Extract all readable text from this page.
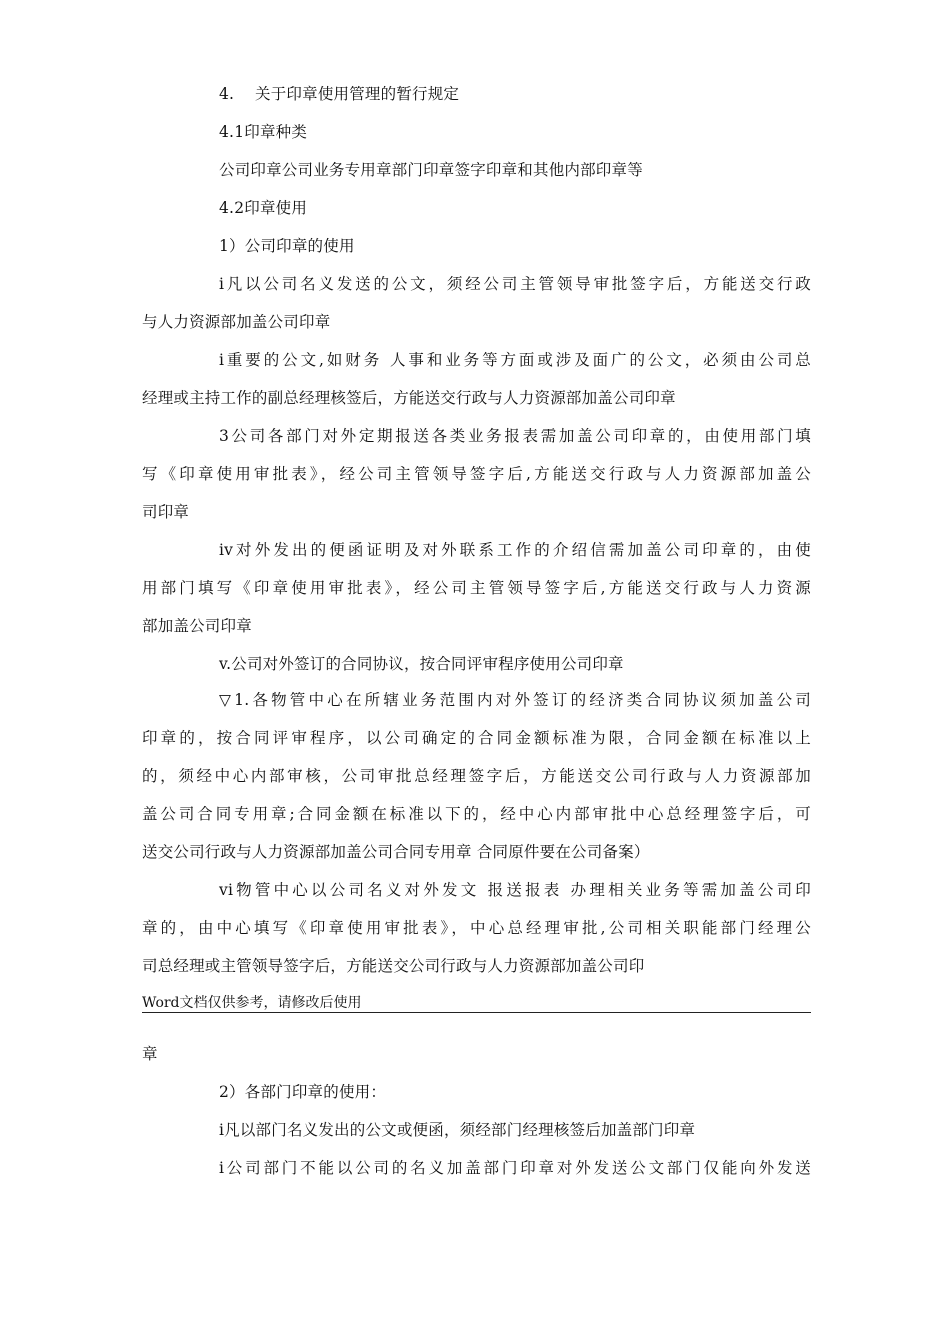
4.　 关于印章使用管理的暂行规定
4.1印章种类
公司印章公司业务专用章部门印章签字印章和其他内部印章等
4.2印章使用
1）公司印章的使用
i凡以公司名义发送的公文，须经公司主管领导审批签字后，方能送交行政
与人力资源部加盖公司印章
i重要的公文,如财务 人事和业务等方面或涉及面广的公文，必须由公司总
经理或主持工作的副总经理核签后，方能送交行政与人力资源部加盖公司印章
3公司各部门对外定期报送各类业务报表需加盖公司印章的，由使用部门填
写《印章使用审批表》，经公司主管领导签字后,方能送交行政与人力资源部加盖公
司印章
iv对外发出的便函证明及对外联系工作的介绍信需加盖公司印章的，由使
用部门填写《印章使用审批表》，经公司主管领导签字后,方能送交行政与人力资源
部加盖公司印章
v.公司对外签订的合同协议，按合同评审程序使用公司印章
▽1.各物管中心在所辖业务范围内对外签订的经济类合同协议须加盖公司
印章的，按合同评审程序，以公司确定的合同金额标准为限，合同金额在标准以上
的，须经中心内部审核，公司审批总经理签字后，方能送交公司行政与人力资源部加
盖公司合同专用章;合同金额在标准以下的，经中心内部审批中心总经理签字后，可
送交公司行政与人力资源部加盖公司合同专用章 合同原件要在公司备案）
vi物管中心以公司名义对外发文 报送报表 办理相关业务等需加盖公司印
章的，由中心填写《印章使用审批表》，中心总经理审批,公司相关职能部门经理公
司总经理或主管领导签字后，方能送交公司行政与人力资源部加盖公司印
Word文档仅供参考，请修改后使用
章
2）各部门印章的使用：
i凡以部门名义发出的公文或便函，须经部门经理核签后加盖部门印章
i公司部门不能以公司的名义加盖部门印章对外发送公文部门仅能向外发送
